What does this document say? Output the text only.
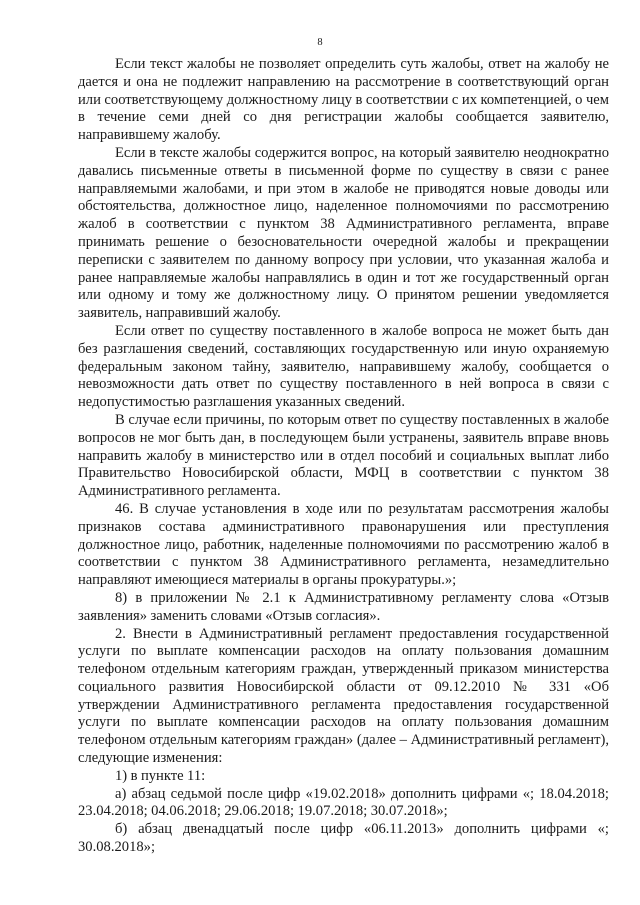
8

Если текст жалобы не позволяет определить суть жалобы, ответ на жалобу не дается и она не подлежит направлению на рассмотрение в соответствующий орган или соответствующему должностному лицу в соответствии с их компетенцией, о чем в течение семи дней со дня регистрации жалобы сообщается заявителю, направившему жалобу.

Если в тексте жалобы содержится вопрос, на который заявителю неоднократно давались письменные ответы в письменной форме по существу в связи с ранее направляемыми жалобами, и при этом в жалобе не приводятся новые доводы или обстоятельства, должностное лицо, наделенное полномочиями по рассмотрению жалоб в соответствии с пунктом 38 Административного регламента, вправе принимать решение о безосновательности очередной жалобы и прекращении переписки с заявителем по данному вопросу при условии, что указанная жалоба и ранее направляемые жалобы направлялись в один и тот же государственный орган или одному и тому же должностному лицу. О принятом решении уведомляется заявитель, направивший жалобу.

Если ответ по существу поставленного в жалобе вопроса не может быть дан без разглашения сведений, составляющих государственную или иную охраняемую федеральным законом тайну, заявителю, направившему жалобу, сообщается о невозможности дать ответ по существу поставленного в ней вопроса в связи с недопустимостью разглашения указанных сведений.

В случае если причины, по которым ответ по существу поставленных в жалобе вопросов не мог быть дан, в последующем были устранены, заявитель вправе вновь направить жалобу в министерство или в отдел пособий и социальных выплат либо Правительство Новосибирской области, МФЦ в соответствии с пунктом 38 Административного регламента.

46. В случае установления в ходе или по результатам рассмотрения жалобы признаков состава административного правонарушения или преступления должностное лицо, работник, наделенные полномочиями по рассмотрению жалоб в соответствии с пунктом 38 Административного регламента, незамедлительно направляют имеющиеся материалы в органы прокуратуры.»;

8) в приложении № 2.1 к Административному регламенту слова «Отзыв заявления» заменить словами «Отзыв согласия».

2. Внести в Административный регламент предоставления государственной услуги по выплате компенсации расходов на оплату пользования домашним телефоном отдельным категориям граждан, утвержденный приказом министерства социального развития Новосибирской области от 09.12.2010 № 331 «Об утверждении Административного регламента предоставления государственной услуги по выплате компенсации расходов на оплату пользования домашним телефоном отдельным категориям граждан» (далее – Административный регламент), следующие изменения:

1) в пункте 11:

а) абзац седьмой после цифр «19.02.2018» дополнить цифрами «; 18.04.2018; 23.04.2018; 04.06.2018; 29.06.2018; 19.07.2018; 30.07.2018»;

б) абзац двенадцатый после цифр «06.11.2013» дополнить цифрами «; 30.08.2018»;
